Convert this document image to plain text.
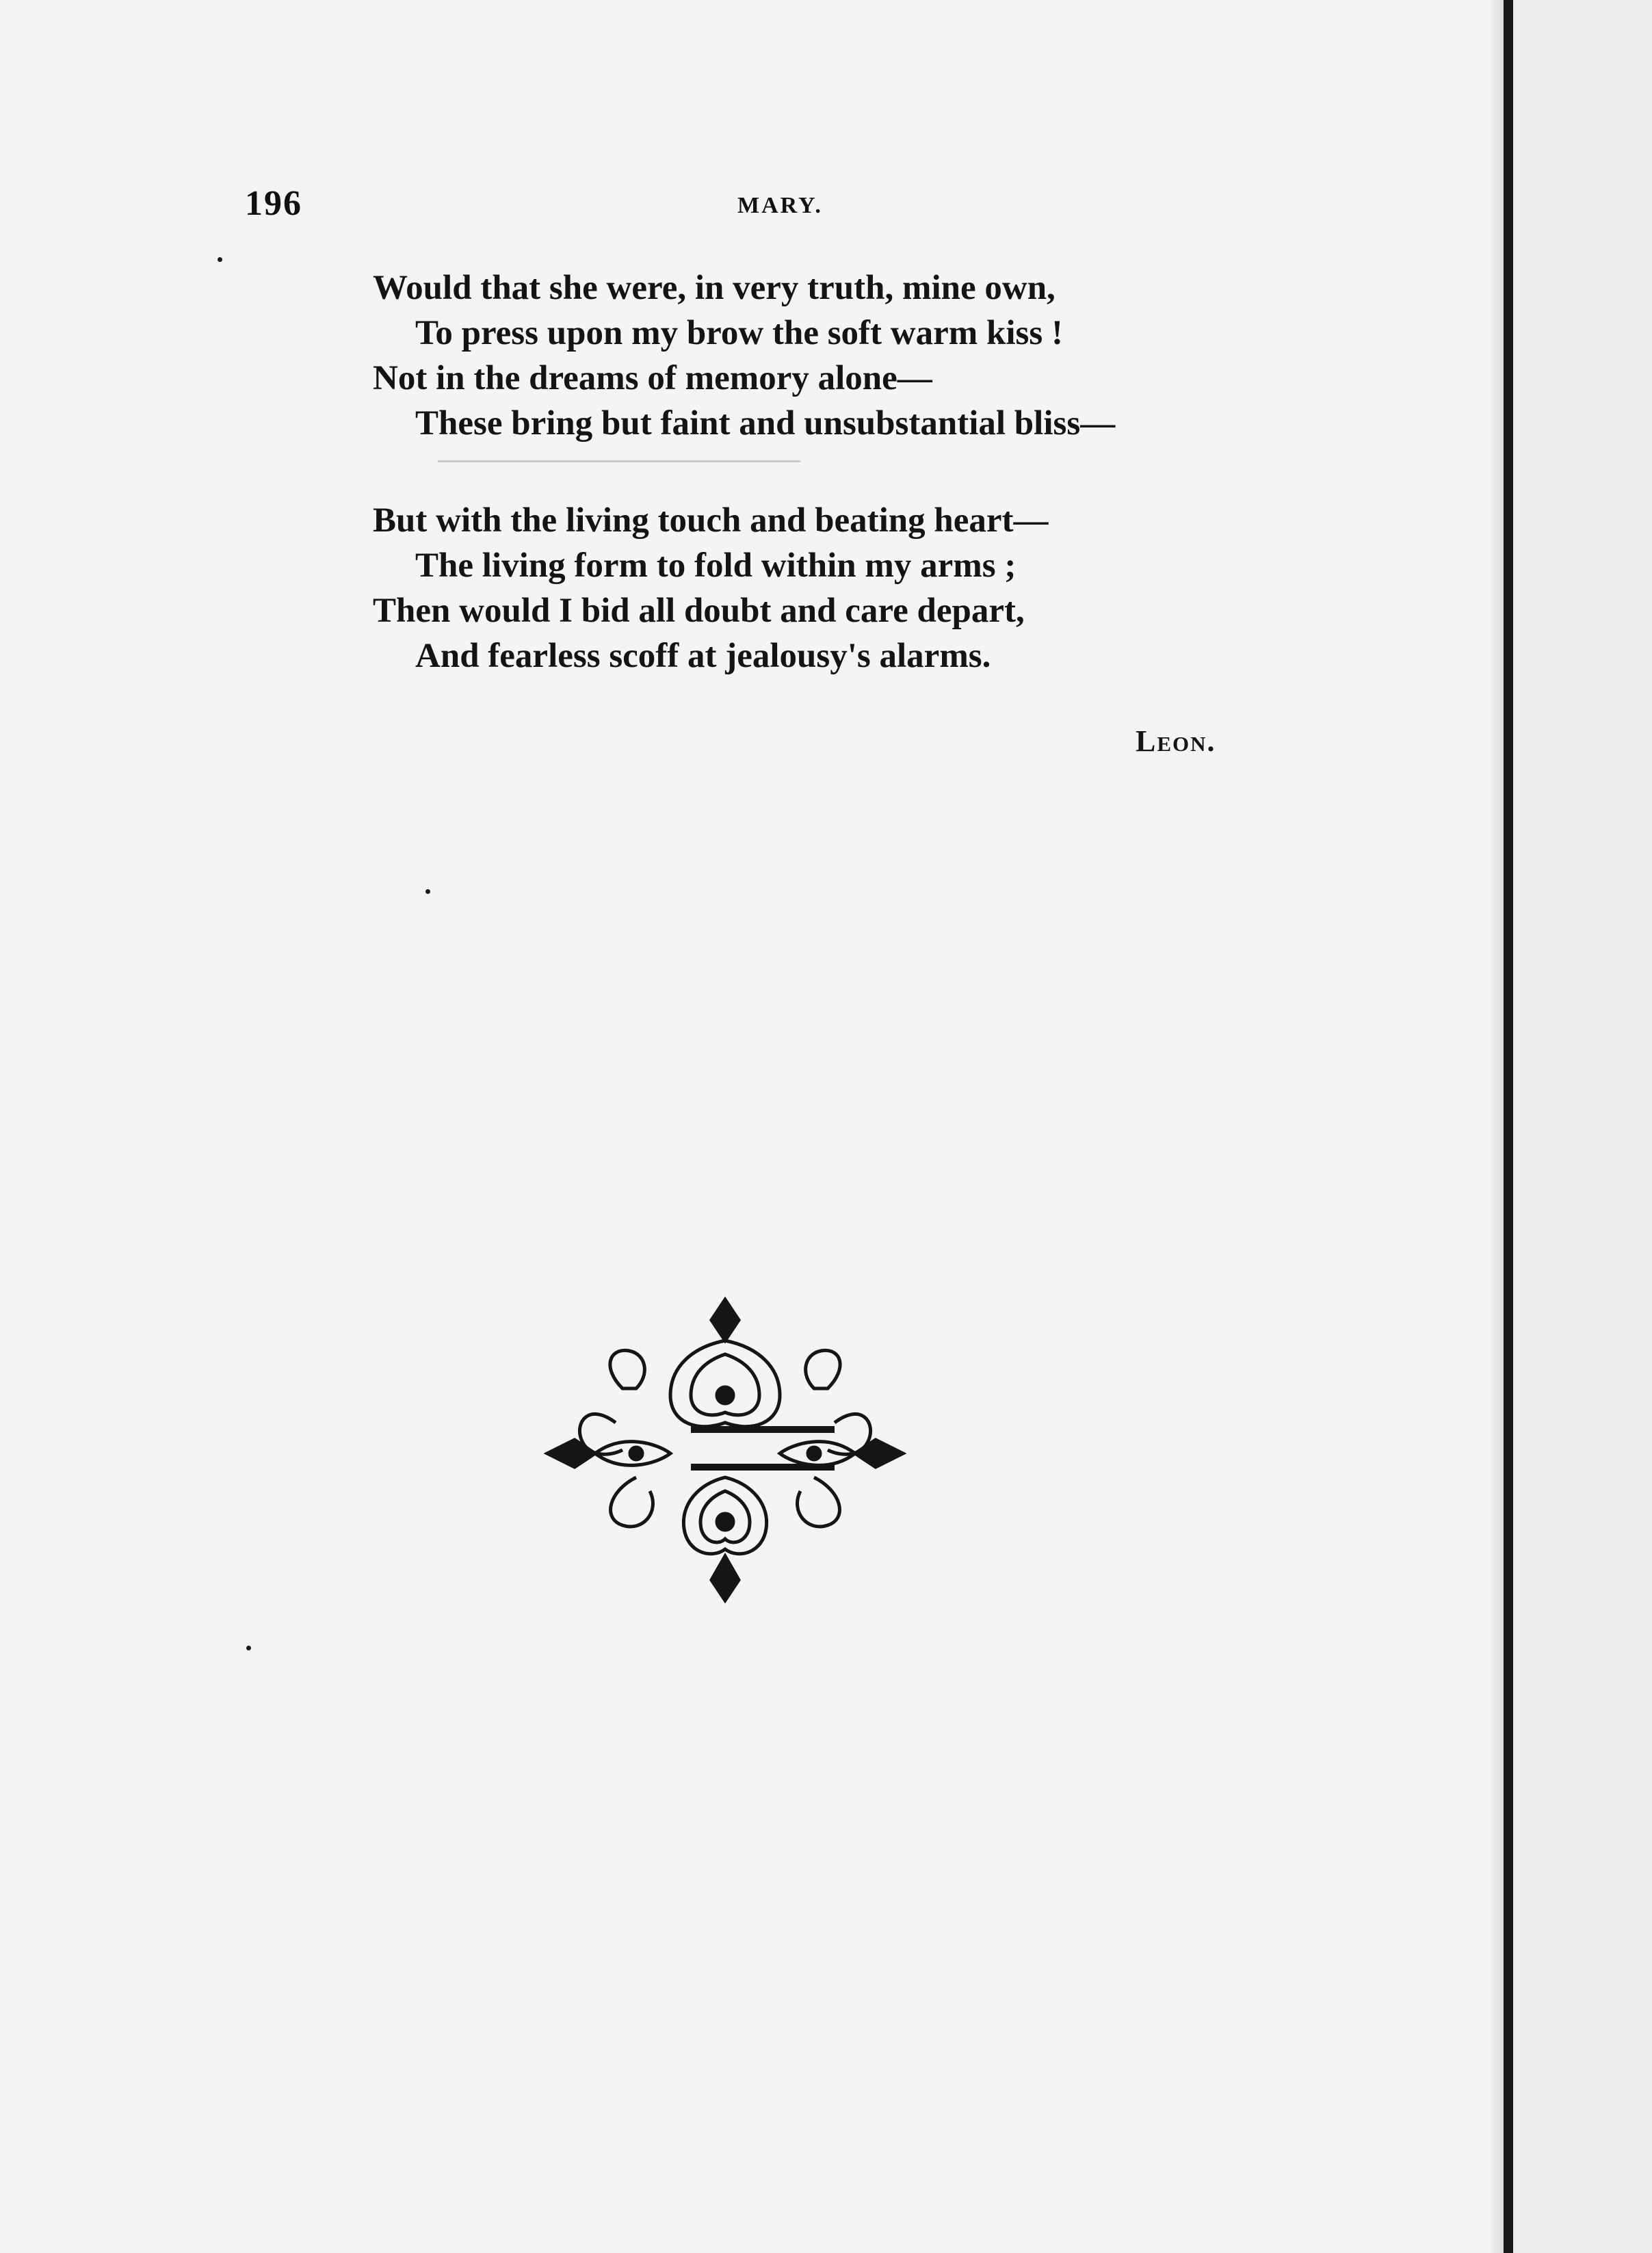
─────────────────
196	MARY.
Would that she were, in very truth, mine own,
To press upon my brow the soft warm kiss !
Not in the dreams of memory alone—
These bring but faint and unsubstantial bliss—
But with the living touch and beating heart—
The living form to fold within my arms ;
Then would I bid all doubt and care depart,
And fearless scoff at jealousy's alarms.
Leon.
